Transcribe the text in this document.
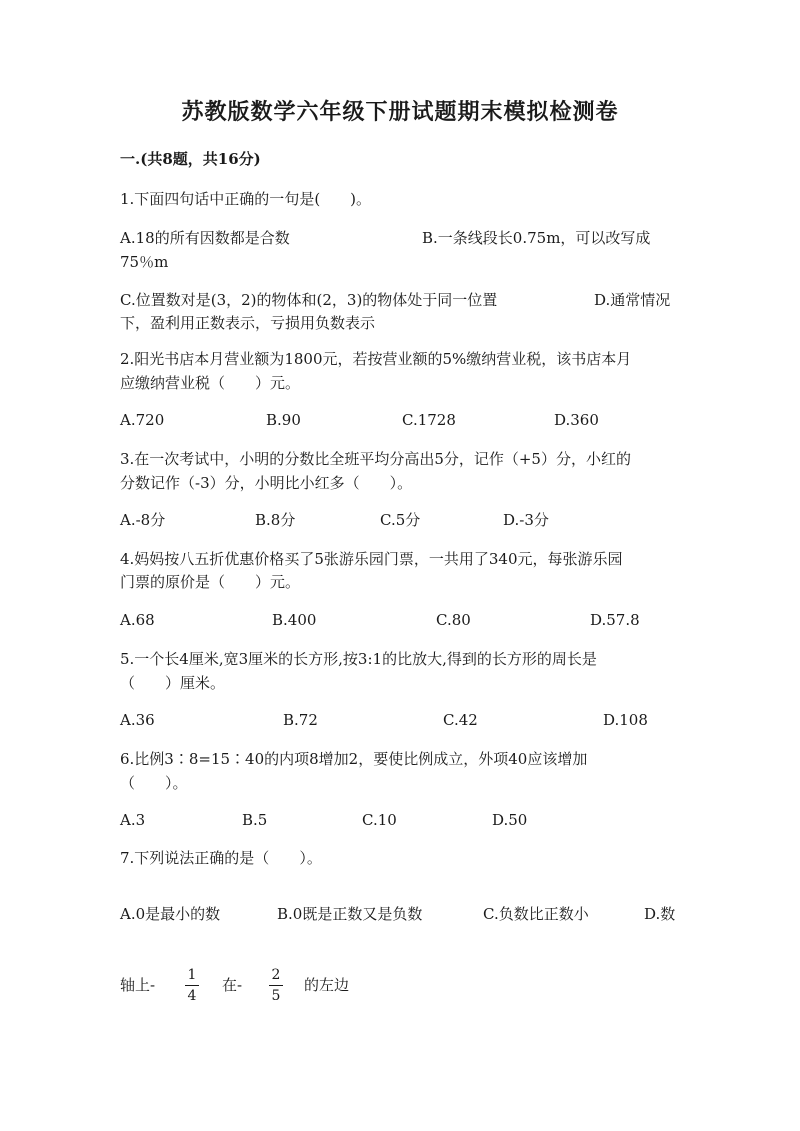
苏教版数学六年级下册试题期末模拟检测卷
一.(共8题，共16分)
1.下面四句话中正确的一句是(　　)。
A.18的所有因数都是合数	B.一条线段长0.75m，可以改写成
75％m
C.位置数对是(3，2)的物体和(2，3)的物体处于同一位置	D.通常情况
下，盈利用正数表示，亏损用负数表示
2.阳光书店本月营业额为1800元，若按营业额的5%缴纳营业税，该书店本月
应缴纳营业税（　　）元。
A.720	B.90	C.1728	D.360
3.在一次考试中，小明的分数比全班平均分高出5分，记作（+5）分，小红的
分数记作（-3）分，小明比小红多（　　）。
A.-8分	B.8分	C.5分	D.-3分
4.妈妈按八五折优惠价格买了5张游乐园门票，一共用了340元，每张游乐园
门票的原价是（　　）元。
A.68	B.400	C.80	D.57.8
5.一个长4厘米,宽3厘米的长方形,按3:1的比放大,得到的长方形的周长是
（　　）厘米。
A.36	B.72	C.42	D.108
6.比例3∶8=15∶40的内项8增加2，要使比例成立，外项40应该增加
（　　）。
A.3	B.5	C.10	D.50
7.下列说法正确的是（　　）。
A.0是最小的数	B.0既是正数又是负数	C.负数比正数小	D.数
轴上-
1
4
在-
2
5
的左边
